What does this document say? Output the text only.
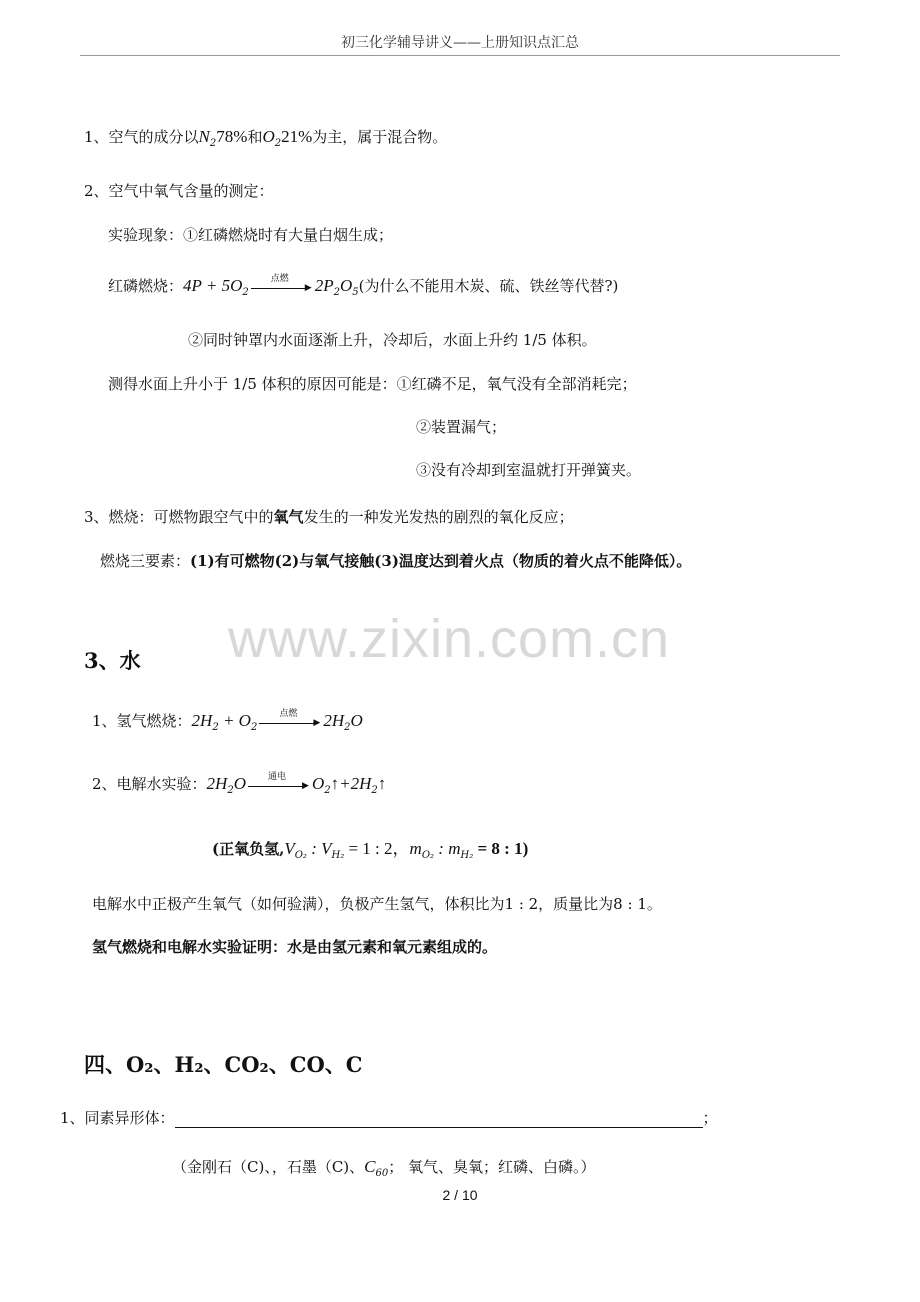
初三化学辅导讲义——上册知识点汇总
1、空气的成分以$N_278\%$和$O_221\%$为主，属于混合物。
2、空气中氧气含量的测定：
实验现象：①红磷燃烧时有大量白烟生成；
红磷燃烧：$4P + 5O_2$
点燃
▶ $2P_2O_5$(为什么不能用木炭、硫、铁丝等代替?)
②同时钟罩内水面逐渐上升，冷却后，水面上升约 1/5 体积。
测得水面上升小于 1/5 体积的原因可能是：①红磷不足，氧气没有全部消耗完；
②装置漏气；
③没有冷却到室温就打开弹簧夹。
3、燃烧：可燃物跟空气中的氧气发生的一种发光发热的剧烈的氧化反应；
燃烧三要素：(1)有可燃物(2)与氧气接触(3)温度达到着火点（物质的着火点不能降低）。
www.zixin.com.cn
3、水
1、氢气燃烧：$2H_2 + O_2$
点燃
▶ $2H_2O$
2、电解水实验：$2H_2O$	通电
▶ $O_2↑+2H_2↑$
(正氧负氢$,V_{O_2}$ : $V_{H_2} = 1$ : 2，$m_{O_2}$ : $m_{H_2} = 8$ : 1)
电解水中正极产生氧气（如何验满），负极产生氢气，体积比为1 : 2，质量比为8 : 1。
氢气燃烧和电解水实验证明：水是由氢元素和氧元素组成的。
四、O₂、H₂、CO₂、CO、C
1、同素异形体：	；
（金刚石（C)、，石墨（C)、$C_{60}$； 氧气、臭氧；红磷、白磷。）
2 / 10
